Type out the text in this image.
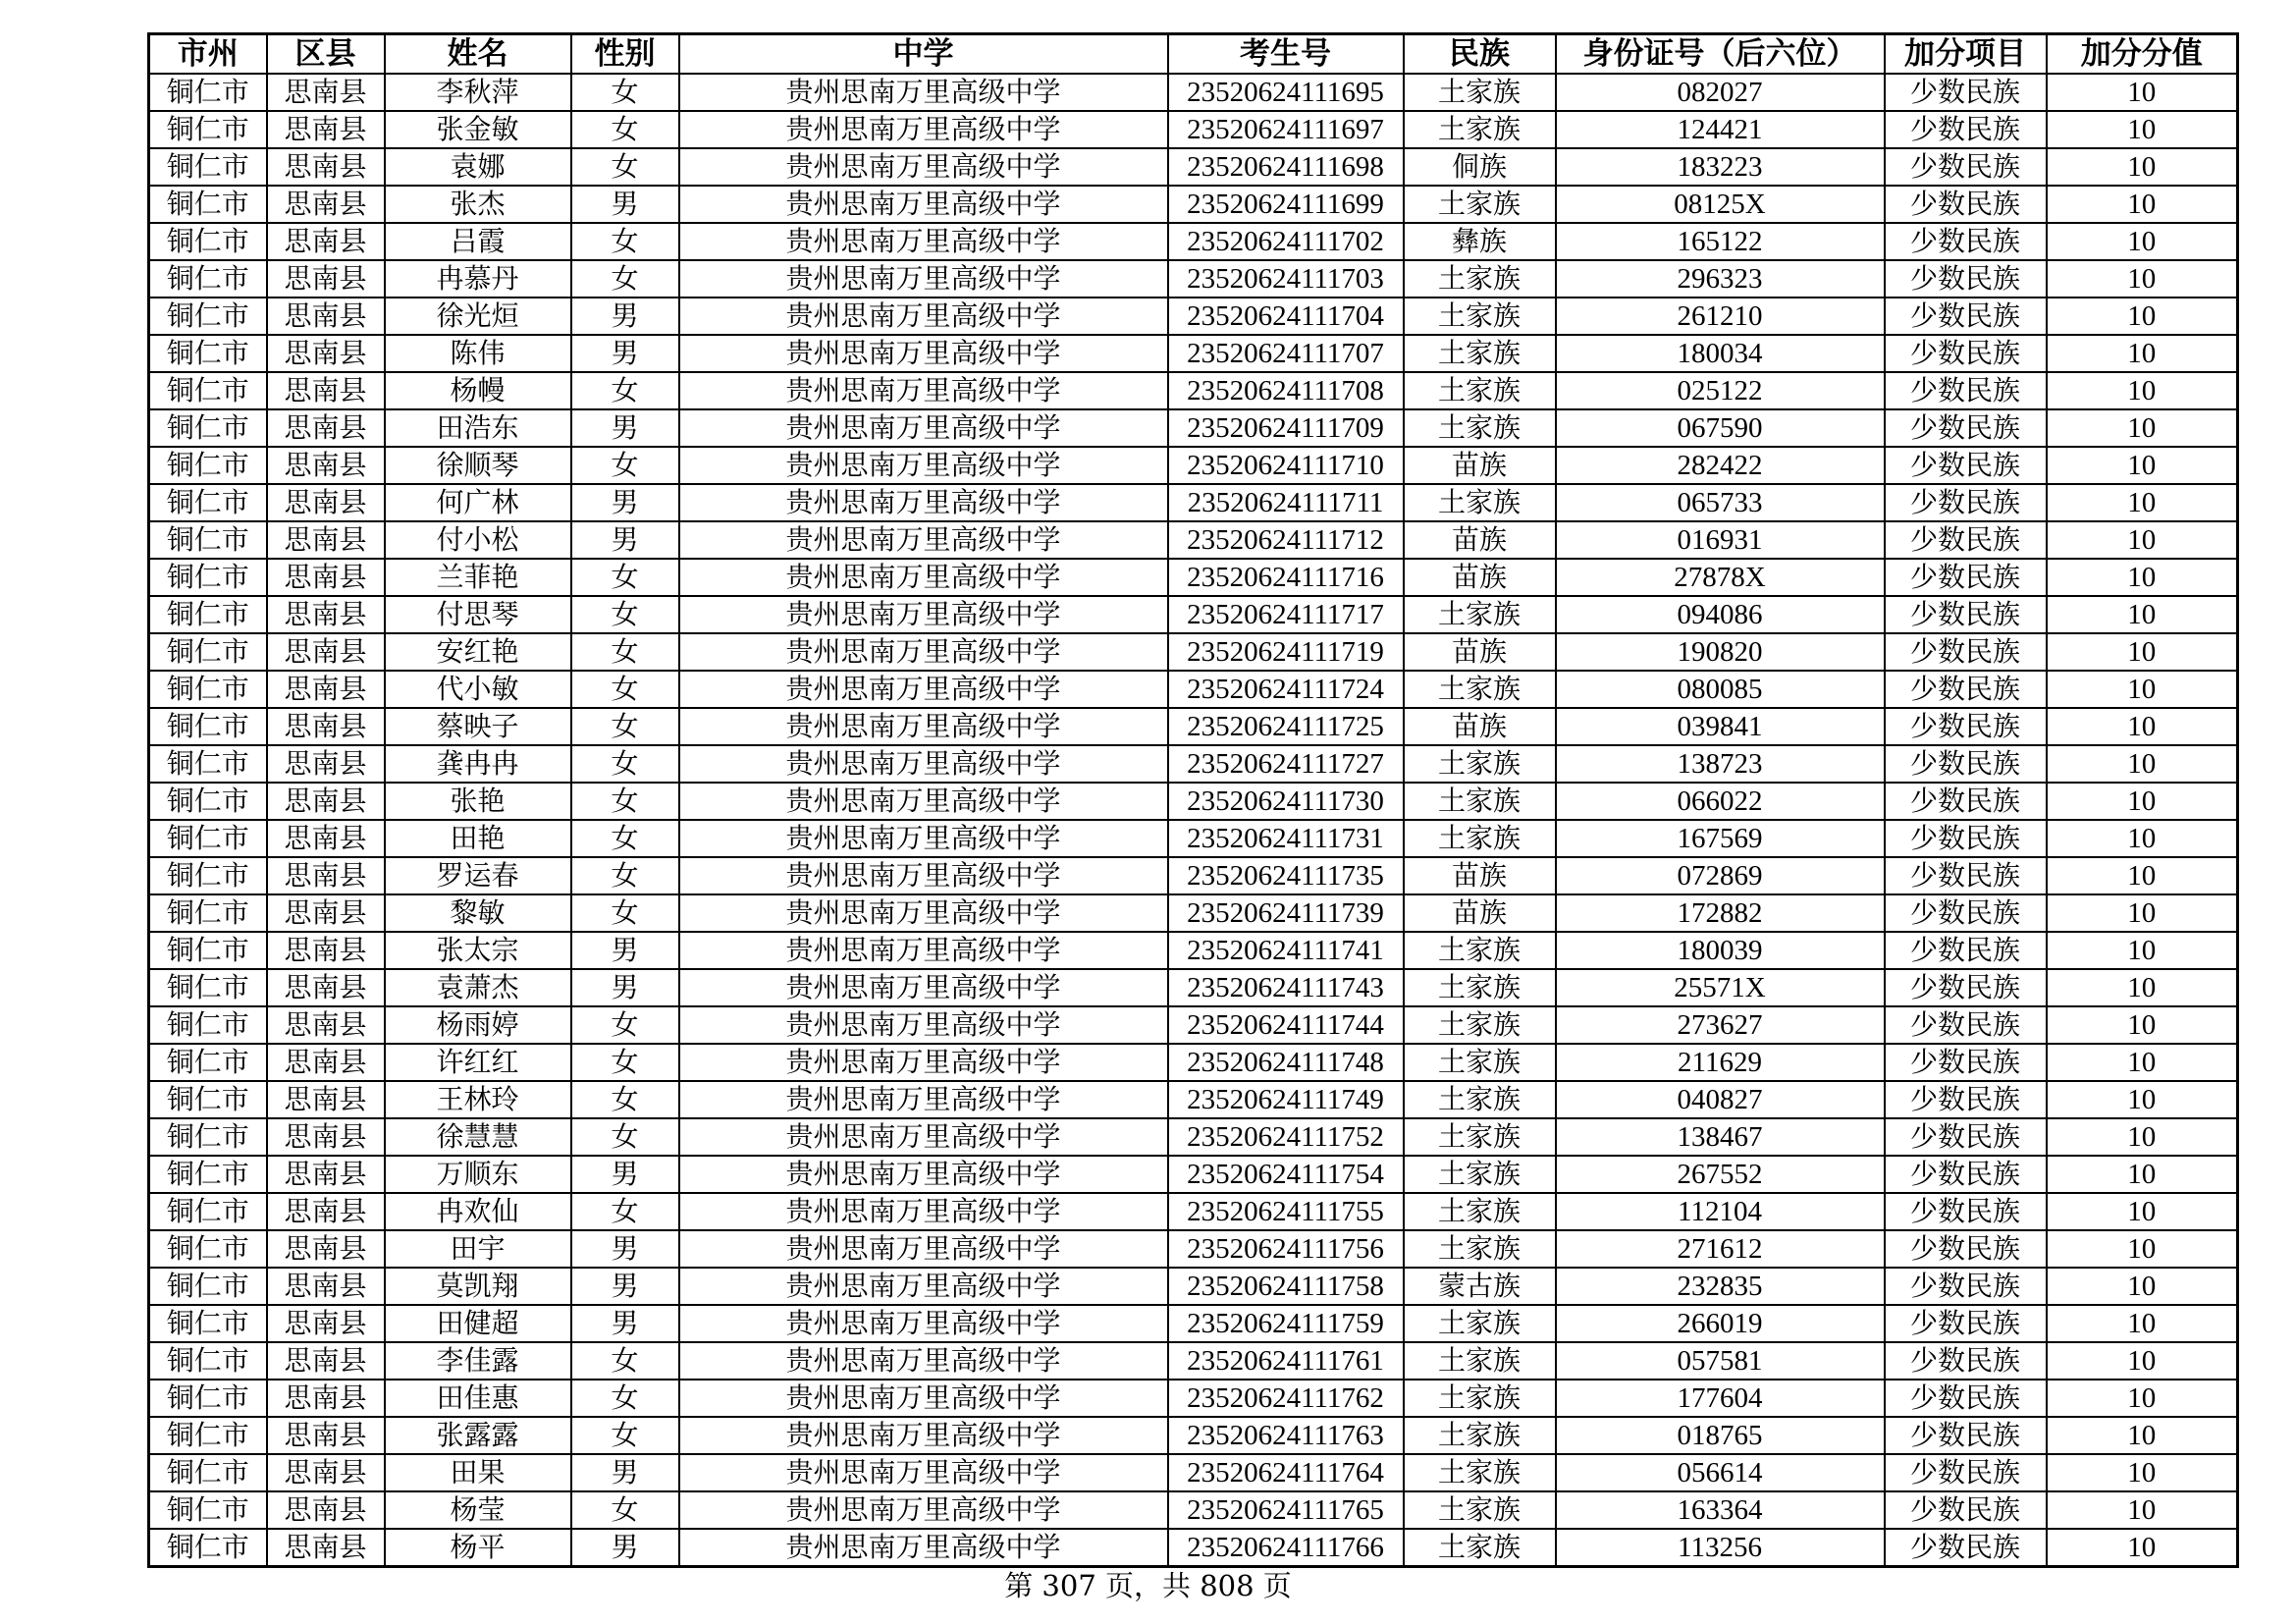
市州	区县	姓名	性别	中学	考生号	民族	身份证号（后六位）	加分项目	加分分值
铜仁市	思南县	李秋萍	女	贵州思南万里高级中学	23520624111695	土家族	082027	少数民族	10
铜仁市	思南县	张金敏	女	贵州思南万里高级中学	23520624111697	土家族	124421	少数民族	10
铜仁市	思南县	袁娜	女	贵州思南万里高级中学	23520624111698	侗族	183223	少数民族	10
铜仁市	思南县	张杰	男	贵州思南万里高级中学	23520624111699	土家族	08125X	少数民族	10
铜仁市	思南县	吕霞	女	贵州思南万里高级中学	23520624111702	彝族	165122	少数民族	10
铜仁市	思南县	冉慕丹	女	贵州思南万里高级中学	23520624111703	土家族	296323	少数民族	10
铜仁市	思南县	徐光烜	男	贵州思南万里高级中学	23520624111704	土家族	261210	少数民族	10
铜仁市	思南县	陈伟	男	贵州思南万里高级中学	23520624111707	土家族	180034	少数民族	10
铜仁市	思南县	杨幔	女	贵州思南万里高级中学	23520624111708	土家族	025122	少数民族	10
铜仁市	思南县	田浩东	男	贵州思南万里高级中学	23520624111709	土家族	067590	少数民族	10
铜仁市	思南县	徐顺琴	女	贵州思南万里高级中学	23520624111710	苗族	282422	少数民族	10
铜仁市	思南县	何广林	男	贵州思南万里高级中学	23520624111711	土家族	065733	少数民族	10
铜仁市	思南县	付小松	男	贵州思南万里高级中学	23520624111712	苗族	016931	少数民族	10
铜仁市	思南县	兰菲艳	女	贵州思南万里高级中学	23520624111716	苗族	27878X	少数民族	10
铜仁市	思南县	付思琴	女	贵州思南万里高级中学	23520624111717	土家族	094086	少数民族	10
铜仁市	思南县	安红艳	女	贵州思南万里高级中学	23520624111719	苗族	190820	少数民族	10
铜仁市	思南县	代小敏	女	贵州思南万里高级中学	23520624111724	土家族	080085	少数民族	10
铜仁市	思南县	蔡映子	女	贵州思南万里高级中学	23520624111725	苗族	039841	少数民族	10
铜仁市	思南县	龚冉冉	女	贵州思南万里高级中学	23520624111727	土家族	138723	少数民族	10
铜仁市	思南县	张艳	女	贵州思南万里高级中学	23520624111730	土家族	066022	少数民族	10
铜仁市	思南县	田艳	女	贵州思南万里高级中学	23520624111731	土家族	167569	少数民族	10
铜仁市	思南县	罗运春	女	贵州思南万里高级中学	23520624111735	苗族	072869	少数民族	10
铜仁市	思南县	黎敏	女	贵州思南万里高级中学	23520624111739	苗族	172882	少数民族	10
铜仁市	思南县	张太宗	男	贵州思南万里高级中学	23520624111741	土家族	180039	少数民族	10
铜仁市	思南县	袁萧杰	男	贵州思南万里高级中学	23520624111743	土家族	25571X	少数民族	10
铜仁市	思南县	杨雨婷	女	贵州思南万里高级中学	23520624111744	土家族	273627	少数民族	10
铜仁市	思南县	许红红	女	贵州思南万里高级中学	23520624111748	土家族	211629	少数民族	10
铜仁市	思南县	王林玲	女	贵州思南万里高级中学	23520624111749	土家族	040827	少数民族	10
铜仁市	思南县	徐慧慧	女	贵州思南万里高级中学	23520624111752	土家族	138467	少数民族	10
铜仁市	思南县	万顺东	男	贵州思南万里高级中学	23520624111754	土家族	267552	少数民族	10
铜仁市	思南县	冉欢仙	女	贵州思南万里高级中学	23520624111755	土家族	112104	少数民族	10
铜仁市	思南县	田宇	男	贵州思南万里高级中学	23520624111756	土家族	271612	少数民族	10
铜仁市	思南县	莫凯翔	男	贵州思南万里高级中学	23520624111758	蒙古族	232835	少数民族	10
铜仁市	思南县	田健超	男	贵州思南万里高级中学	23520624111759	土家族	266019	少数民族	10
铜仁市	思南县	李佳露	女	贵州思南万里高级中学	23520624111761	土家族	057581	少数民族	10
铜仁市	思南县	田佳惠	女	贵州思南万里高级中学	23520624111762	土家族	177604	少数民族	10
铜仁市	思南县	张露露	女	贵州思南万里高级中学	23520624111763	土家族	018765	少数民族	10
铜仁市	思南县	田果	男	贵州思南万里高级中学	23520624111764	土家族	056614	少数民族	10
铜仁市	思南县	杨莹	女	贵州思南万里高级中学	23520624111765	土家族	163364	少数民族	10
铜仁市	思南县	杨平	男	贵州思南万里高级中学	23520624111766	土家族	113256	少数民族	10
第 307 页，共 808 页
